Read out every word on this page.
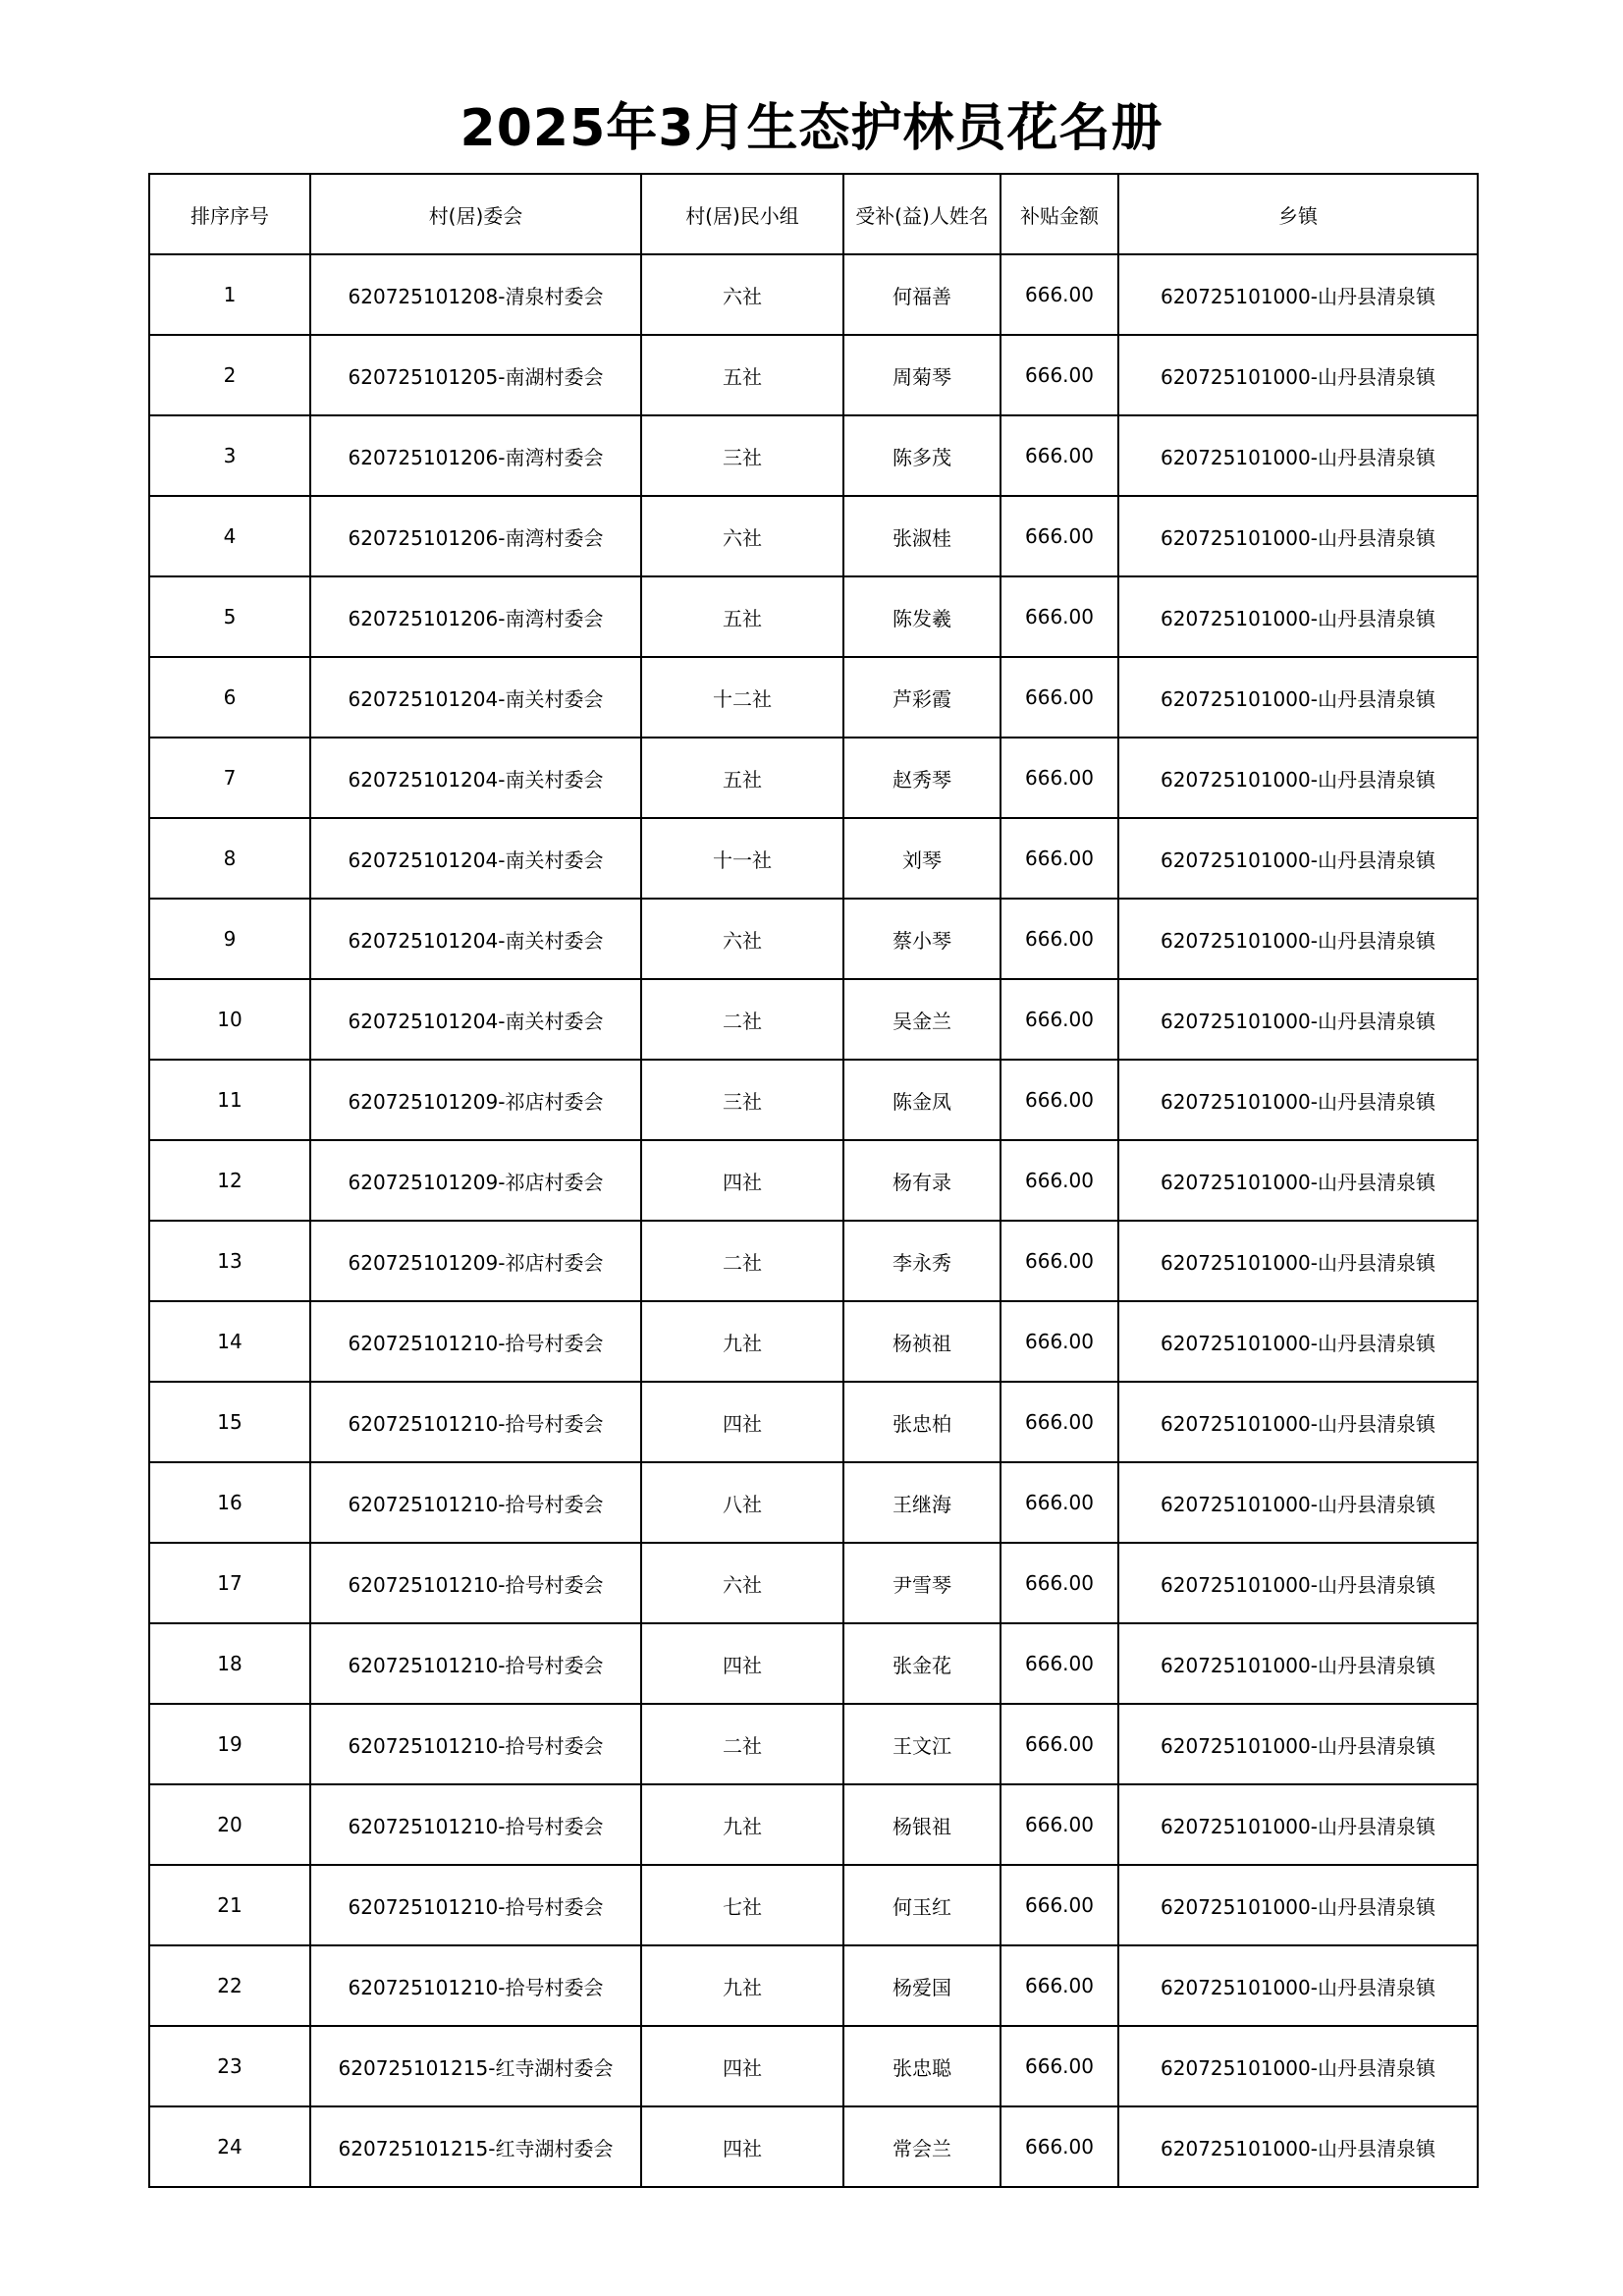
2025年3月生态护林员花名册
排序序号	村(居)委会	村(居)民小组	受补(益)人姓名	补贴金额	乡镇
1	620725101208-清泉村委会	六社	何福善	666.00	620725101000-山丹县清泉镇
2	620725101205-南湖村委会	五社	周菊琴	666.00	620725101000-山丹县清泉镇
3	620725101206-南湾村委会	三社	陈多茂	666.00	620725101000-山丹县清泉镇
4	620725101206-南湾村委会	六社	张淑桂	666.00	620725101000-山丹县清泉镇
5	620725101206-南湾村委会	五社	陈发羲	666.00	620725101000-山丹县清泉镇
6	620725101204-南关村委会	十二社	芦彩霞	666.00	620725101000-山丹县清泉镇
7	620725101204-南关村委会	五社	赵秀琴	666.00	620725101000-山丹县清泉镇
8	620725101204-南关村委会	十一社	刘琴	666.00	620725101000-山丹县清泉镇
9	620725101204-南关村委会	六社	蔡小琴	666.00	620725101000-山丹县清泉镇
10	620725101204-南关村委会	二社	吴金兰	666.00	620725101000-山丹县清泉镇
11	620725101209-祁店村委会	三社	陈金凤	666.00	620725101000-山丹县清泉镇
12	620725101209-祁店村委会	四社	杨有录	666.00	620725101000-山丹县清泉镇
13	620725101209-祁店村委会	二社	李永秀	666.00	620725101000-山丹县清泉镇
14	620725101210-拾号村委会	九社	杨祯祖	666.00	620725101000-山丹县清泉镇
15	620725101210-拾号村委会	四社	张忠柏	666.00	620725101000-山丹县清泉镇
16	620725101210-拾号村委会	八社	王继海	666.00	620725101000-山丹县清泉镇
17	620725101210-拾号村委会	六社	尹雪琴	666.00	620725101000-山丹县清泉镇
18	620725101210-拾号村委会	四社	张金花	666.00	620725101000-山丹县清泉镇
19	620725101210-拾号村委会	二社	王文江	666.00	620725101000-山丹县清泉镇
20	620725101210-拾号村委会	九社	杨银祖	666.00	620725101000-山丹县清泉镇
21	620725101210-拾号村委会	七社	何玉红	666.00	620725101000-山丹县清泉镇
22	620725101210-拾号村委会	九社	杨爱国	666.00	620725101000-山丹县清泉镇
23	620725101215-红寺湖村委会	四社	张忠聪	666.00	620725101000-山丹县清泉镇
24	620725101215-红寺湖村委会	四社	常会兰	666.00	620725101000-山丹县清泉镇
